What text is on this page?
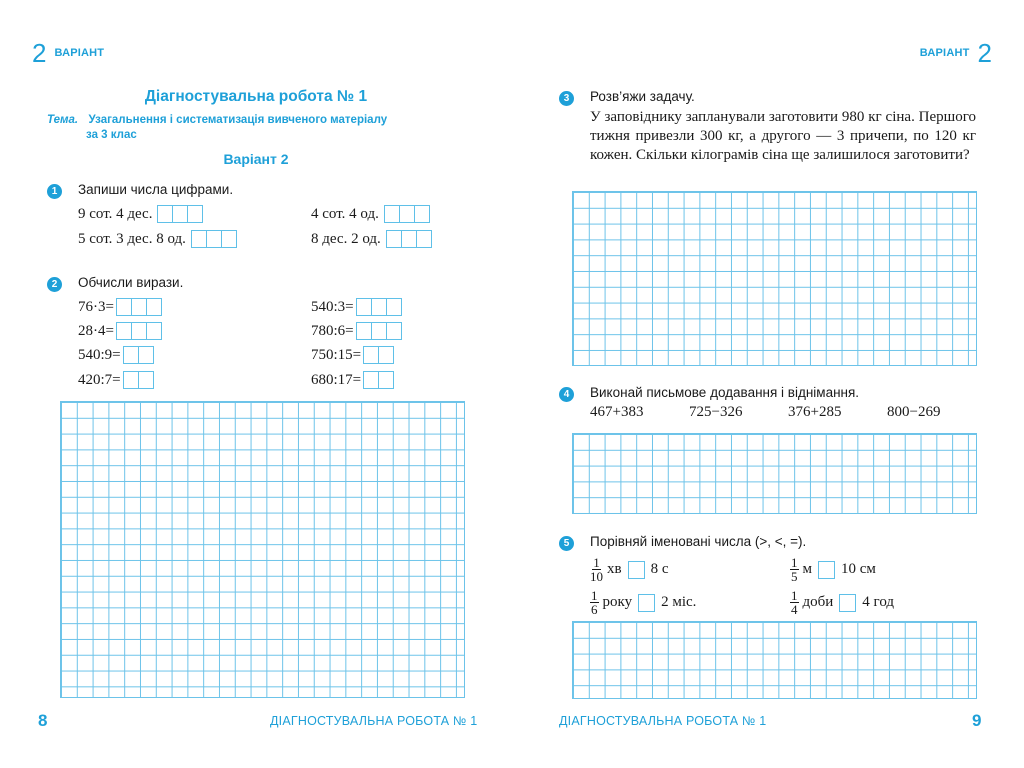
2 ВАРІАНТ	ВАРІАНТ 2
Діагностувальна робота № 1
Тема. Узагальнення і систематизація вивченого матеріалу
за 3 клас
Варіант 2
1	Запиши числа цифрами.
9 сот. 4 дес.	4 сот. 4 од.
5 сот. 3 дес. 8 од.	8 дес. 2 од.
2	Обчисли вирази.
76·3=	540:3=
28·4=	780:6=
540:9=	750:15=
420:7=	680:17=
3	Розв’яжи задачу.
У заповіднику запланували заготовити 980 кг сіна. Першого тижня привезли 300 кг, а другого — 3 причепи, по 120 кг кожен. Скільки кілограмів сіна ще залишилося заготовити?
4	Виконай письмове додавання і віднімання.
467+383	725−326	376+285	800−269
5	Порівняй іменовані числа (>, <, =).
$\frac{1}{10}$ хв 8 с	$\frac{1}{5}$ м 10 см
$\frac{1}{6}$ року 2 міс.	$\frac{1}{4}$ доби 4 год
8	ДІАГНОСТУВАЛЬНА РОБОТА № 1	ДІАГНОСТУВАЛЬНА РОБОТА № 1	9
